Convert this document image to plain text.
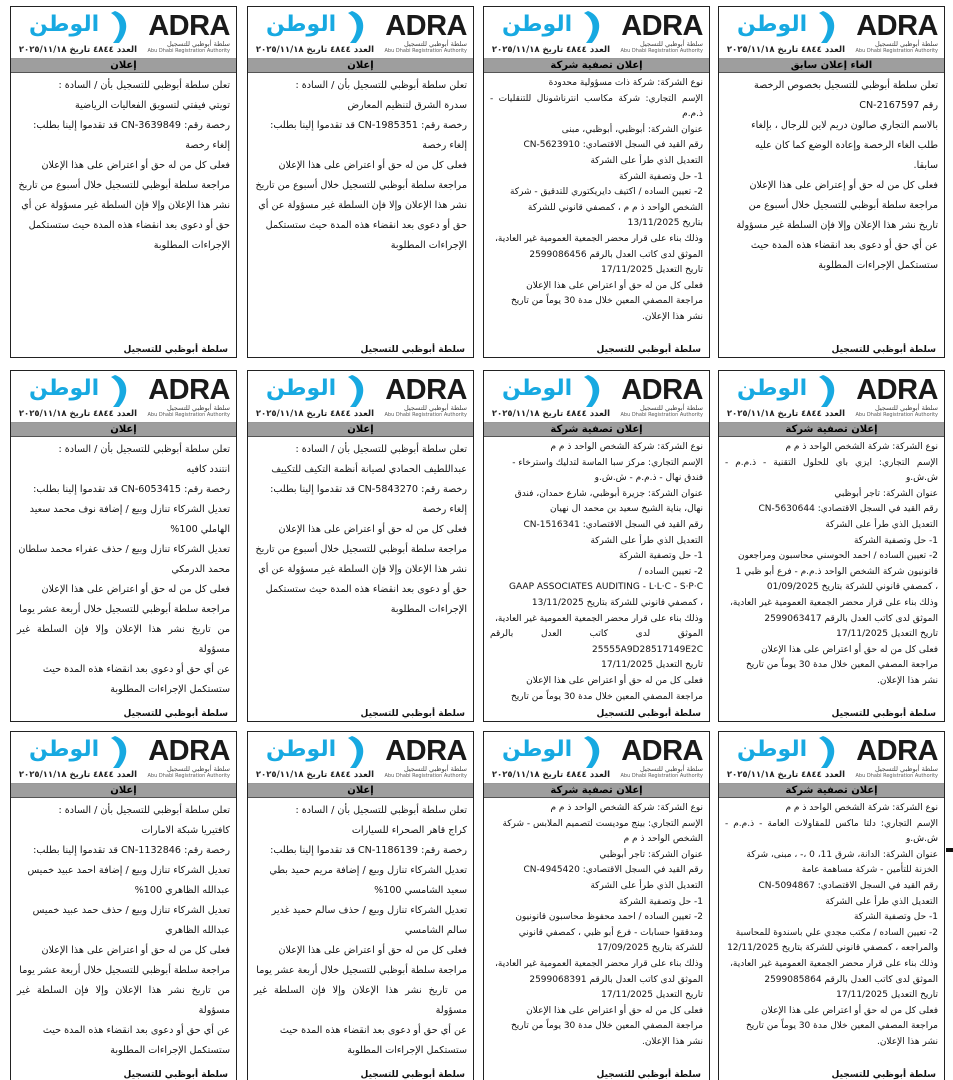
الوطن
العدد ٤٨٤٤ تاريخ ٢٠٢٥/١١/١٨
ADRA
سلطة أبوظبي للتسجيل
Abu Dhabi Registration Authority
الغاء إعلان سابق

تعلن سلطة أبوظبي للتسجيل بخصوص الرخصة

رقم CN-2167597

بالاسم التجاري صالون دريم لاين للرجال ، بإلغاء

طلب الغاء الرخصة وإعادة الوضع كما كان عليه

سابقا.

فعلى كل من له حق أو إعتراض على هذا الإعلان

مراجعة سلطة أبوظبي للتسجيل خلال أسبوع من

تاريخ نشر هذا الإعلان وإلا فإن السلطة غير مسؤولة

عن أي حق أو دعوى بعد انقضاء هذه المدة حيث

ستستكمل الإجراءات المطلوبة

سلطة أبوظبي للتسجيل
الوطن
العدد ٤٨٤٤ تاريخ ٢٠٢٥/١١/١٨
ADRA
سلطة أبوظبي للتسجيل
Abu Dhabi Registration Authority
إعلان تصفية شركة

نوع الشركة: شركة ذات مسؤولية محدودة

الإسم التجاري: شركة مكاسب انترناشونال للتنقليات - ذ.م.م

عنوان الشركة: أبوظبي، أبوظبي، مبنى

رقم القيد في السجل الاقتصادي: CN-5623910

التعديل الذي طرأ على الشركة

1- حل وتصفية الشركة

2- تعيين الساده / اكتيف دايريكتوري للتدقيق - شركة

الشخص الواحد ذ م م ، كمصفي قانوني للشركة

بتاريخ 13/11/2025

وذلك بناء على قرار محضر الجمعية العمومية غير العادية،

الموثق لدى كاتب العدل بالرقم 2599086456

تاريخ التعديل 17/11/2025

فعلى كل من له حق أو اعتراض على هذا الإعلان

مراجعة المصفي المعين خلال مدة 30 يوماً من تاريخ

نشر هذا الإعلان.

سلطة أبوظبي للتسجيل
الوطن
العدد ٤٨٤٤ تاريخ ٢٠٢٥/١١/١٨
ADRA
سلطة أبوظبي للتسجيل
Abu Dhabi Registration Authority
إعلان

تعلن سلطة أبوظبي للتسجيل بأن / السادة :

سدرة الشرق لتنظيم المعارض

رخصة رقم: CN-1985351 قد تقدموا إلينا بطلب:

إلغاء رخصة

فعلى كل من له حق أو اعتراض على هذا الإعلان

مراجعة سلطة أبوظبي للتسجيل خلال أسبوع من تاريخ

نشر هذا الإعلان وإلا فإن السلطة غير مسؤولة عن أي

حق أو دعوى بعد انقضاء هذه المدة حيث ستستكمل

الإجراءات المطلوبة

سلطة أبوظبي للتسجيل
الوطن
العدد ٤٨٤٤ تاريخ ٢٠٢٥/١١/١٨
ADRA
سلطة أبوظبي للتسجيل
Abu Dhabi Registration Authority
إعلان

تعلن سلطة أبوظبي للتسجيل بأن / السادة :

تويتي فيفتي لتسويق الفعاليات الرياضية

رخصة رقم: CN-3639849 قد تقدموا إلينا بطلب:

إلغاء رخصة

فعلى كل من له حق أو اعتراض على هذا الإعلان

مراجعة سلطة أبوظبي للتسجيل خلال أسبوع من تاريخ

نشر هذا الإعلان وإلا فإن السلطة غير مسؤولة عن أي

حق أو دعوى بعد انقضاء هذه المدة حيث ستستكمل

الإجراءات المطلوبة

سلطة أبوظبي للتسجيل
الوطن
العدد ٤٨٤٤ تاريخ ٢٠٢٥/١١/١٨
ADRA
سلطة أبوظبي للتسجيل
Abu Dhabi Registration Authority
إعلان تصفية شركة

نوع الشركة: شركة الشخص الواحد ذ م م

الإسم التجاري: ايزي باي للحلول التقنية - ذ.م.م - ش.ش.و

عنوان الشركة: تاجر أبوظبي

رقم القيد في السجل الاقتصادي: CN-5630644

التعديل الذي طرأ على الشركة

1- حل وتصفية الشركة

2- تعيين الساده / احمد الحوسني محاسبون ومراجعون

قانونيون شركة الشخص الواحد ذ.م.م - فرع أبو ظبي 1

، كمصفي قانوني للشركة بتاريخ 01/09/2025

وذلك بناء على قرار محضر الجمعية العمومية غير العادية،

الموثق لدى كاتب العدل بالرقم 2599063417

تاريخ التعديل 17/11/2025

فعلى كل من له حق أو اعتراض على هذا الإعلان

مراجعة المصفي المعين خلال مدة 30 يوماً من تاريخ

نشر هذا الإعلان.

سلطة أبوظبي للتسجيل
الوطن
العدد ٤٨٤٤ تاريخ ٢٠٢٥/١١/١٨
ADRA
سلطة أبوظبي للتسجيل
Abu Dhabi Registration Authority
إعلان تصفية شركة

نوع الشركة: شركة الشخص الواحد ذ م م

الإسم التجاري: مركز سبا الماسة لتدليك واسترخاء -

فندق نهال - ذ.م.م - ش.ش.و

عنوان الشركة: جزيرة أبوظبي، شارع حمدان، فندق

نهال، بناية الشيخ سعيد بن محمد ال نهيان

رقم القيد في السجل الاقتصادي: CN-1516341

التعديل الذي طرأ على الشركة

1- حل وتصفية الشركة

2- تعيين الساده /

GAAP ASSOCIATES AUDITING - L·L·C - S·P·C

، كمصفي قانوني للشركة بتاريخ 13/11/2025

وذلك بناء على قرار محضر الجمعية العمومية غير العادية،

الموثق لدى كاتب العدل بالرقم 25555A9D28517149E2C

تاريخ التعديل 17/11/2025

فعلى كل من له حق أو اعتراض على هذا الإعلان

مراجعة المصفي المعين خلال مدة 30 يوماً من تاريخ

سلطة أبوظبي للتسجيل
الوطن
العدد ٤٨٤٤ تاريخ ٢٠٢٥/١١/١٨
ADRA
سلطة أبوظبي للتسجيل
Abu Dhabi Registration Authority
إعلان

تعلن سلطة أبوظبي للتسجيل بأن / السادة :

عبداللطيف الحمادي لصيانة أنظمة التكيف للتكييف

رخصة رقم: CN-5843270 قد تقدموا إلينا بطلب:

إلغاء رخصة

فعلى كل من له حق أو اعتراض على هذا الإعلان

مراجعة سلطة أبوظبي للتسجيل خلال أسبوع من تاريخ

نشر هذا الإعلان وإلا فإن السلطة غير مسؤولة عن أي

حق أو دعوى بعد انقضاء هذه المدة حيث ستستكمل

الإجراءات المطلوبة

سلطة أبوظبي للتسجيل
الوطن
العدد ٤٨٤٤ تاريخ ٢٠٢٥/١١/١٨
ADRA
سلطة أبوظبي للتسجيل
Abu Dhabi Registration Authority
إعلان

تعلن سلطة أبوظبي للتسجيل بأن / السادة :

انتندد كافيه

رخصة رقم: CN-6053415 قد تقدموا إلينا بطلب:

تعديل الشركاء تنازل وبيع / إضافة نوف محمد سعيد

الهاملي 100%

تعديل الشركاء تنازل وبيع / حذف عفراء محمد سلطان

محمد الدرمكي

فعلى كل من له حق أو اعتراض على هذا الإعلان

مراجعة سلطة أبوظبي للتسجيل خلال أربعة عشر يوما

من تاريخ نشر هذا الإعلان وإلا فإن السلطة غير مسؤولة

عن أي حق أو دعوى بعد انقضاء هذه المدة حيث

ستستكمل الإجراءات المطلوبة

سلطة أبوظبي للتسجيل
الوطن
العدد ٤٨٤٤ تاريخ ٢٠٢٥/١١/١٨
ADRA
سلطة أبوظبي للتسجيل
Abu Dhabi Registration Authority
إعلان تصفية شركة

نوع الشركة: شركة الشخص الواحد ذ م م

الإسم التجاري: دلتا ماكس للمقاولات العامة - ذ.م.م - ش.ش.و

عنوان الشركة: الدانة، شرق 11، 0 ،- ، مبنى، شركة

الخزنة للتأمين - شركة مساهمة عامة

رقم القيد في السجل الاقتصادي: CN-5094867

التعديل الذي طرأ على الشركة

1- حل وتصفية الشركة

2- تعيين الساده / مكتب مجدي علي باسندوة للمحاسبة

والمراجعه ، كمصفي قانوني للشركة بتاريخ 12/11/2025

وذلك بناء على قرار محضر الجمعية العمومية غير العادية،

الموثق لدى كاتب العدل بالرقم 2599085864

تاريخ التعديل 17/11/2025

فعلى كل من له حق أو اعتراض على هذا الإعلان

مراجعة المصفي المعين خلال مدة 30 يوماً من تاريخ

نشر هذا الإعلان.

سلطة أبوظبي للتسجيل
الوطن
العدد ٤٨٤٤ تاريخ ٢٠٢٥/١١/١٨
ADRA
سلطة أبوظبي للتسجيل
Abu Dhabi Registration Authority
إعلان تصفية شركة

نوع الشركة: شركة الشخص الواحد ذ م م

الإسم التجاري: بينج موديست لتصميم الملابس - شركة

الشخص الواحد ذ م م

عنوان الشركة: تاجر أبوظبي

رقم القيد في السجل الاقتصادي: CN-4945420

التعديل الذي طرأ على الشركة

1- حل وتصفية الشركة

2- تعيين الساده / احمد محفوظ محاسبون قانونيون

ومدققوا حسابات - فرع أبو ظبي ، كمصفي قانوني

للشركة بتاريخ 17/09/2025

وذلك بناء على قرار محضر الجمعية العمومية غير العادية،

الموثق لدى كاتب العدل بالرقم 2599068391

تاريخ التعديل 17/11/2025

فعلى كل من له حق أو اعتراض على هذا الإعلان

مراجعة المصفي المعين خلال مدة 30 يوماً من تاريخ

نشر هذا الإعلان.

سلطة أبوظبي للتسجيل
الوطن
العدد ٤٨٤٤ تاريخ ٢٠٢٥/١١/١٨
ADRA
سلطة أبوظبي للتسجيل
Abu Dhabi Registration Authority
إعلان

تعلن سلطة أبوظبي للتسجيل بأن / السادة :

كراج قاهر الصحراء للسيارات

رخصة رقم: CN-1186139 قد تقدموا إلينا بطلب:

تعديل الشركاء تنازل وبيع / إضافة مريم حميد بطي

سعيد الشامسي 100%

تعديل الشركاء تنازل وبيع / حذف سالم حميد غدير

سالم الشامسي

فعلى كل من له حق أو اعتراض على هذا الإعلان

مراجعة سلطة أبوظبي للتسجيل خلال أربعة عشر يوما

من تاريخ نشر هذا الإعلان وإلا فإن السلطة غير مسؤولة

عن أي حق أو دعوى بعد انقضاء هذه المدة حيث

ستستكمل الإجراءات المطلوبة

سلطة أبوظبي للتسجيل
الوطن
العدد ٤٨٤٤ تاريخ ٢٠٢٥/١١/١٨
ADRA
سلطة أبوظبي للتسجيل
Abu Dhabi Registration Authority
إعلان

تعلن سلطة أبوظبي للتسجيل بأن / السادة :

كافتيريا شبكة الامارات

رخصة رقم: CN-1132846 قد تقدموا إلينا بطلب:

تعديل الشركاء تنازل وبيع / إضافة احمد عبيد خميس

عبدالله الظاهري 100%

تعديل الشركاء تنازل وبيع / حذف حمد عبيد خميس

عبدالله الظاهري

فعلى كل من له حق أو اعتراض على هذا الإعلان

مراجعة سلطة أبوظبي للتسجيل خلال أربعة عشر يوما

من تاريخ نشر هذا الإعلان وإلا فإن السلطة غير مسؤولة

عن أي حق أو دعوى بعد انقضاء هذه المدة حيث

ستستكمل الإجراءات المطلوبة

سلطة أبوظبي للتسجيل
